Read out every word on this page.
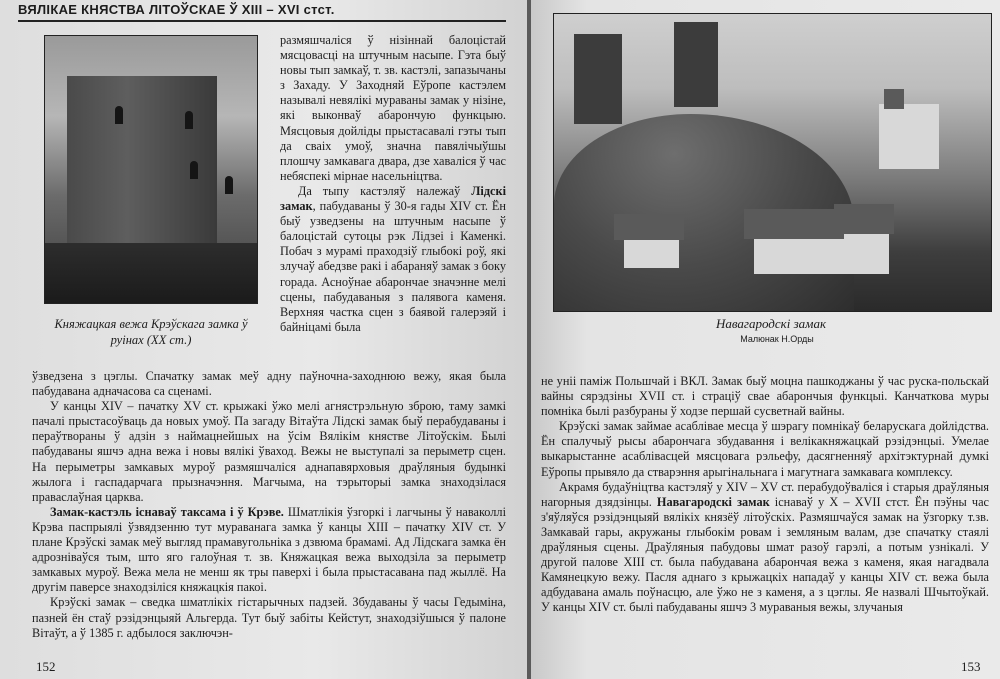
ВЯЛІКАЕ КНЯСТВА ЛІТОЎСКАЕ Ў XIII – XVI стст.
Княжацкая вежа Крэўскага замка ў руінах (XX ст.)

размяшчаліся ў нізіннай балоцістай мясцовасці на штучным насыпе. Гэта быў новы тып замкаў, т. зв. кастэлі, запазычаны з Захаду. У Заходняй Еўропе кастэлем называлі невялікі мураваны замак у нізіне, які выконваў абарончую функцыю. Мясцовыя дойліды прыстасавалі гэты тып да сваіх умоў, значна павялічыўшы плошчу замкавага двара, дзе хаваліся ў час небяспекі мірнае насельніцтва.

Да тыпу кастэляў належаў Лідскі замак, пабудаваны ў 30-я гады XIV ст. Ён быў узведзены на штучным насыпе ў балоцістай сутоцы рэк Лідзеі і Каменкі. Побач з мурамі праходзіў глыбокі роў, які злучаў абедзве ракі і абараняў замак з боку горада. Асноўнае абарончае значэнне мелі сцены, пабудаваныя з палявога каменя. Верхняя частка сцен з баявой галерэяй і байніцамі была

ўзведзена з цэглы. Спачатку замак меў адну паўночна-заходнюю вежу, якая была пабудавана адначасова са сценамі.

У канцы XIV – пачатку XV ст. крыжакі ўжо мелі агнястрэльную зброю, таму замкі пачалі прыстасоўваць да новых умоў. Па загаду Вітаўта Лідскі замак быў перабудаваны і пераўтвораны ў адзін з наймацнейшых на ўсім Вялікім княстве Літоўскім. Былі пабудаваны яшчэ адна вежа і новы вялікі ўваход. Вежы не выступалі за перыметр сцен. На перыметры замкавых муроў размяшчаліся аднапавярховыя драўляныя будынкі жылога і гаспадарчага прызначэння. Магчыма, на тэрыторыі замка знаходзілася праваслаўная царква.

Замак-кастэль існаваў таксама і ў Крэве. Шматлікія ўзгоркі і лагчыны ў наваколлі Крэва паспрыялі ўзвядзенню тут мураванага замка ў канцы XIII – пачатку XIV ст. У плане Крэўскі замак меў выгляд прамавугольніка з дзвюма брамамі. Ад Лідскага замка ён адрозніваўся тым, што яго галоўная т. зв. Княжацкая вежа выходзіла за перыметр замкавых муроў. Вежа мела не менш як тры паверхі і была прыстасавана пад жыллё. На другім паверсе знаходзіліся княжацкія пакоі.

Крэўскі замак – сведка шматлікіх гістарычных падзей. Збудаваны ў часы Гедыміна, пазней ён стаў рэзідэнцыяй Альгерда. Тут быў забіты Кейстут, знаходзіўшыся ў палоне Вітаўт, а ў 1385 г. адбылося заключэн-

152
Навагародскі замак
Малюнак Н.Орды

не уніі паміж Польшчай і ВКЛ. Замак быў моцна пашкоджаны ў час руска-польскай вайны сярэдзіны XVII ст. і страціў свае абарончыя функцыі. Канчатковa муры помніка былі разбураны ў ходзе першай сусветнай вайны.

Крэўскі замак займае асаблівае месца ў шэрагу помнікаў беларускага дойлідства. Ён спалучыў рысы абарончага збудавання і велікакняжацкай рэзідэнцыі. Умелае выкарыстанне асаблівасцей мясцовага рэльефу, дасягненняў архітэктурнай думкі Еўропы прывяло да стварэння арыгінальнага і магутнага замкавага комплексу.

Акрамя будаўніцтва кастэляў у XIV – XV ст. перабудоўваліся і старыя драўляныя нагорныя дзядзінцы. Навагародскі замак існаваў у X – XVII стст. Ён пэўны час з'яўляўся рэзідэнцыяй вялікіх князёў літоўскіх. Размяшчаўся замак на ўзгорку т.зв. Замкавай гары, акружаны глыбокім ровам і земляным валам, дзе спачатку стаялі драўляныя сцены. Драўляныя пабудовы шмат разоў гарэлі, а потым узнікалі. У другой палове XIII ст. была пабудавана абарончая вежа з каменя, якая нагадвала Камянецкую вежу. Пасля аднаго з крыжацкіх нападаў у канцы XIV ст. вежа была адбудавана амаль поўнасцю, але ўжо не з каменя, а з цэглы. Яе назвалі Шчытоўкай. У канцы XIV ст. былі пабудаваны яшчэ 3 мураваныя вежы, злучаныя

153
